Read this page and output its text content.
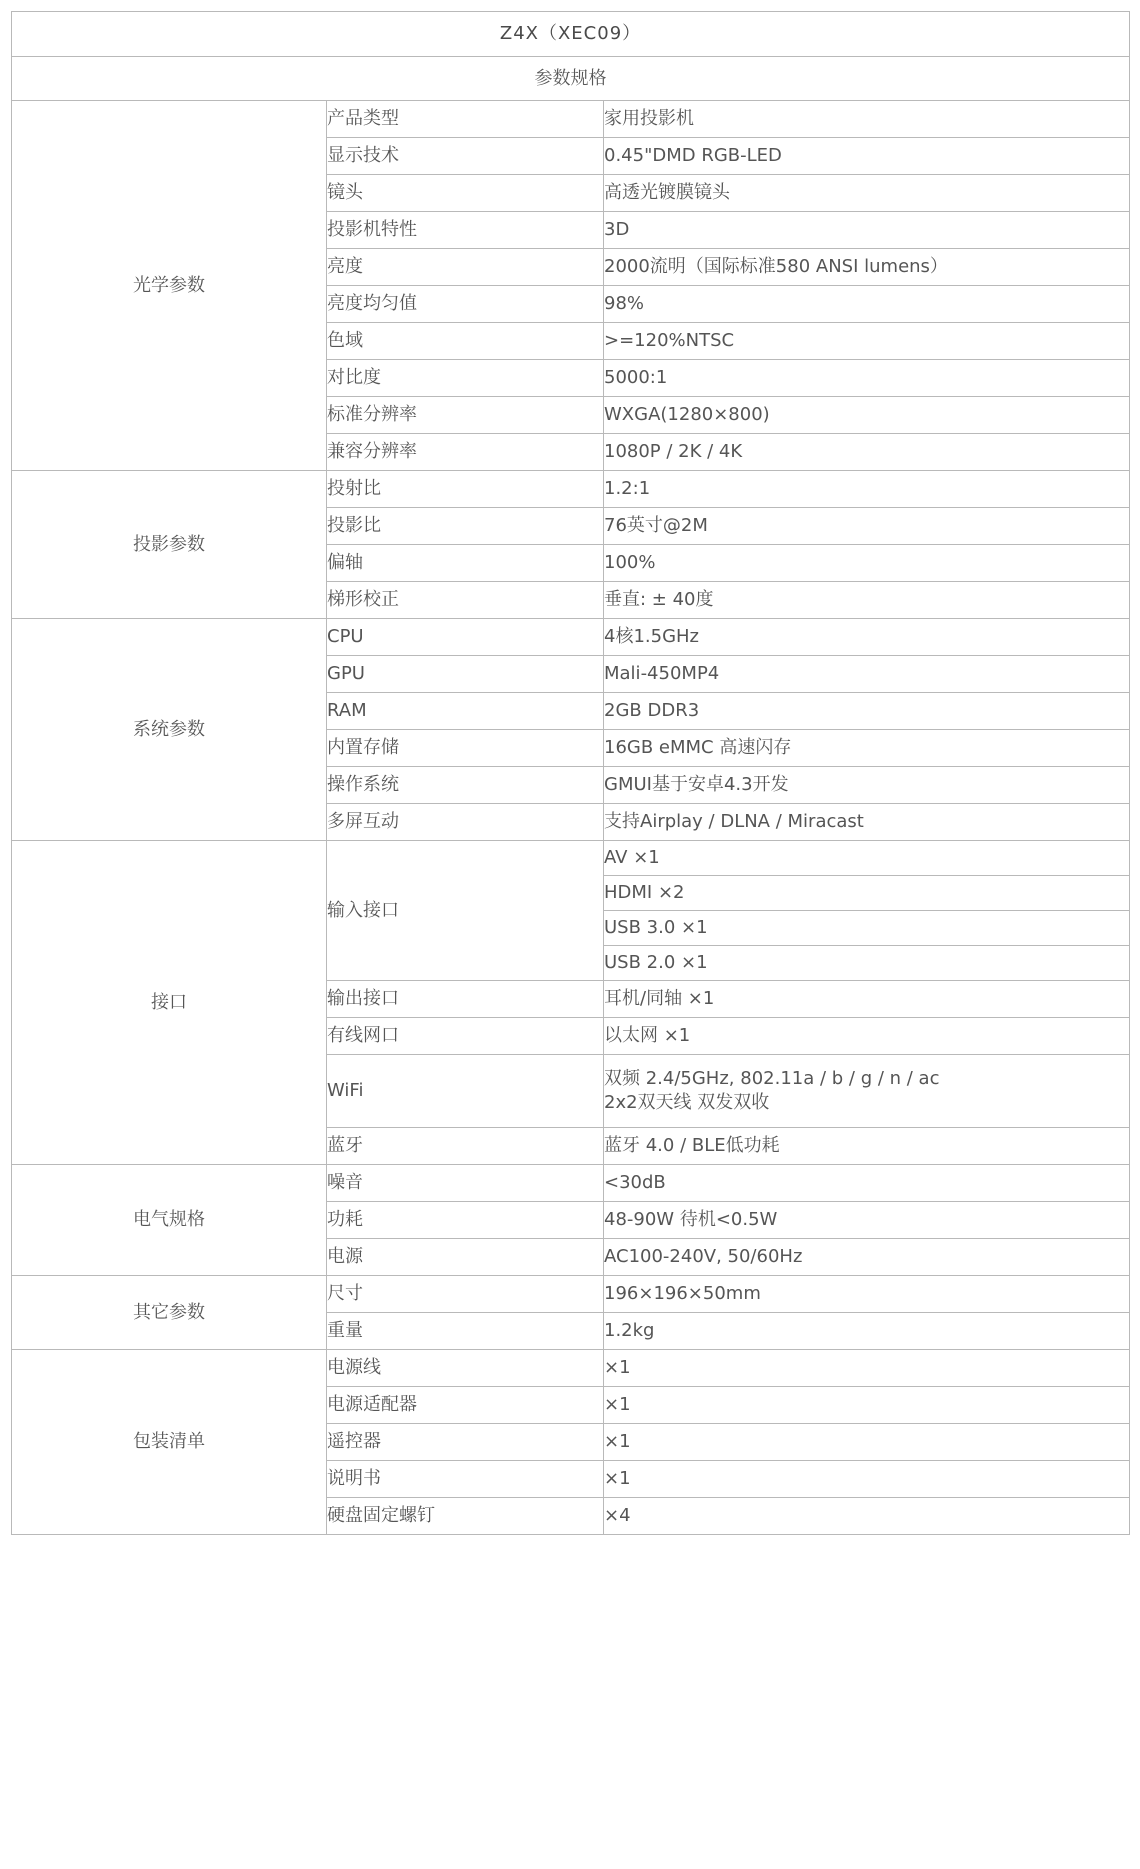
Z4X（XEC09）		
参数规格		
光学参数	产品类型	家用投影机
	显示技术	0.45"DMD RGB-LED
	镜头	高透光镀膜镜头
	投影机特性	3D
	亮度	2000流明（国际标准580 ANSI lumens）
	亮度均匀值	98%
	色域	>=120%NTSC
	对比度	5000:1
	标准分辨率	WXGA(1280×800)
	兼容分辨率	1080P / 2K / 4K
投影参数	投射比	1.2:1
	投影比	76英寸@2M
	偏轴	100%
	梯形校正	垂直: ± 40度
系统参数	CPU	4核1.5GHz
	GPU	Mali-450MP4
	RAM	2GB DDR3
	内置存储	16GB eMMC 高速闪存
	操作系统	GMUI基于安卓4.3开发
	多屏互动	支持Airplay / DLNA / Miracast
接口	输入接口	AV ×1
		HDMI ×2
		USB 3.0 ×1
		USB 2.0 ×1
	输出接口	耳机/同轴 ×1
	有线网口	以太网 ×1
	WiFi	双频 2.4/5GHz, 802.11a / b / g / n / ac
2x2双天线 双发双收
	蓝牙	蓝牙 4.0 / BLE低功耗
电气规格	噪音	<30dB
	功耗	48-90W 待机<0.5W
	电源	AC100-240V, 50/60Hz
其它参数	尺寸	196×196×50mm
	重量	1.2kg
包装清单	电源线	×1
	电源适配器	×1
	遥控器	×1
	说明书	×1
	硬盘固定螺钉	×4
